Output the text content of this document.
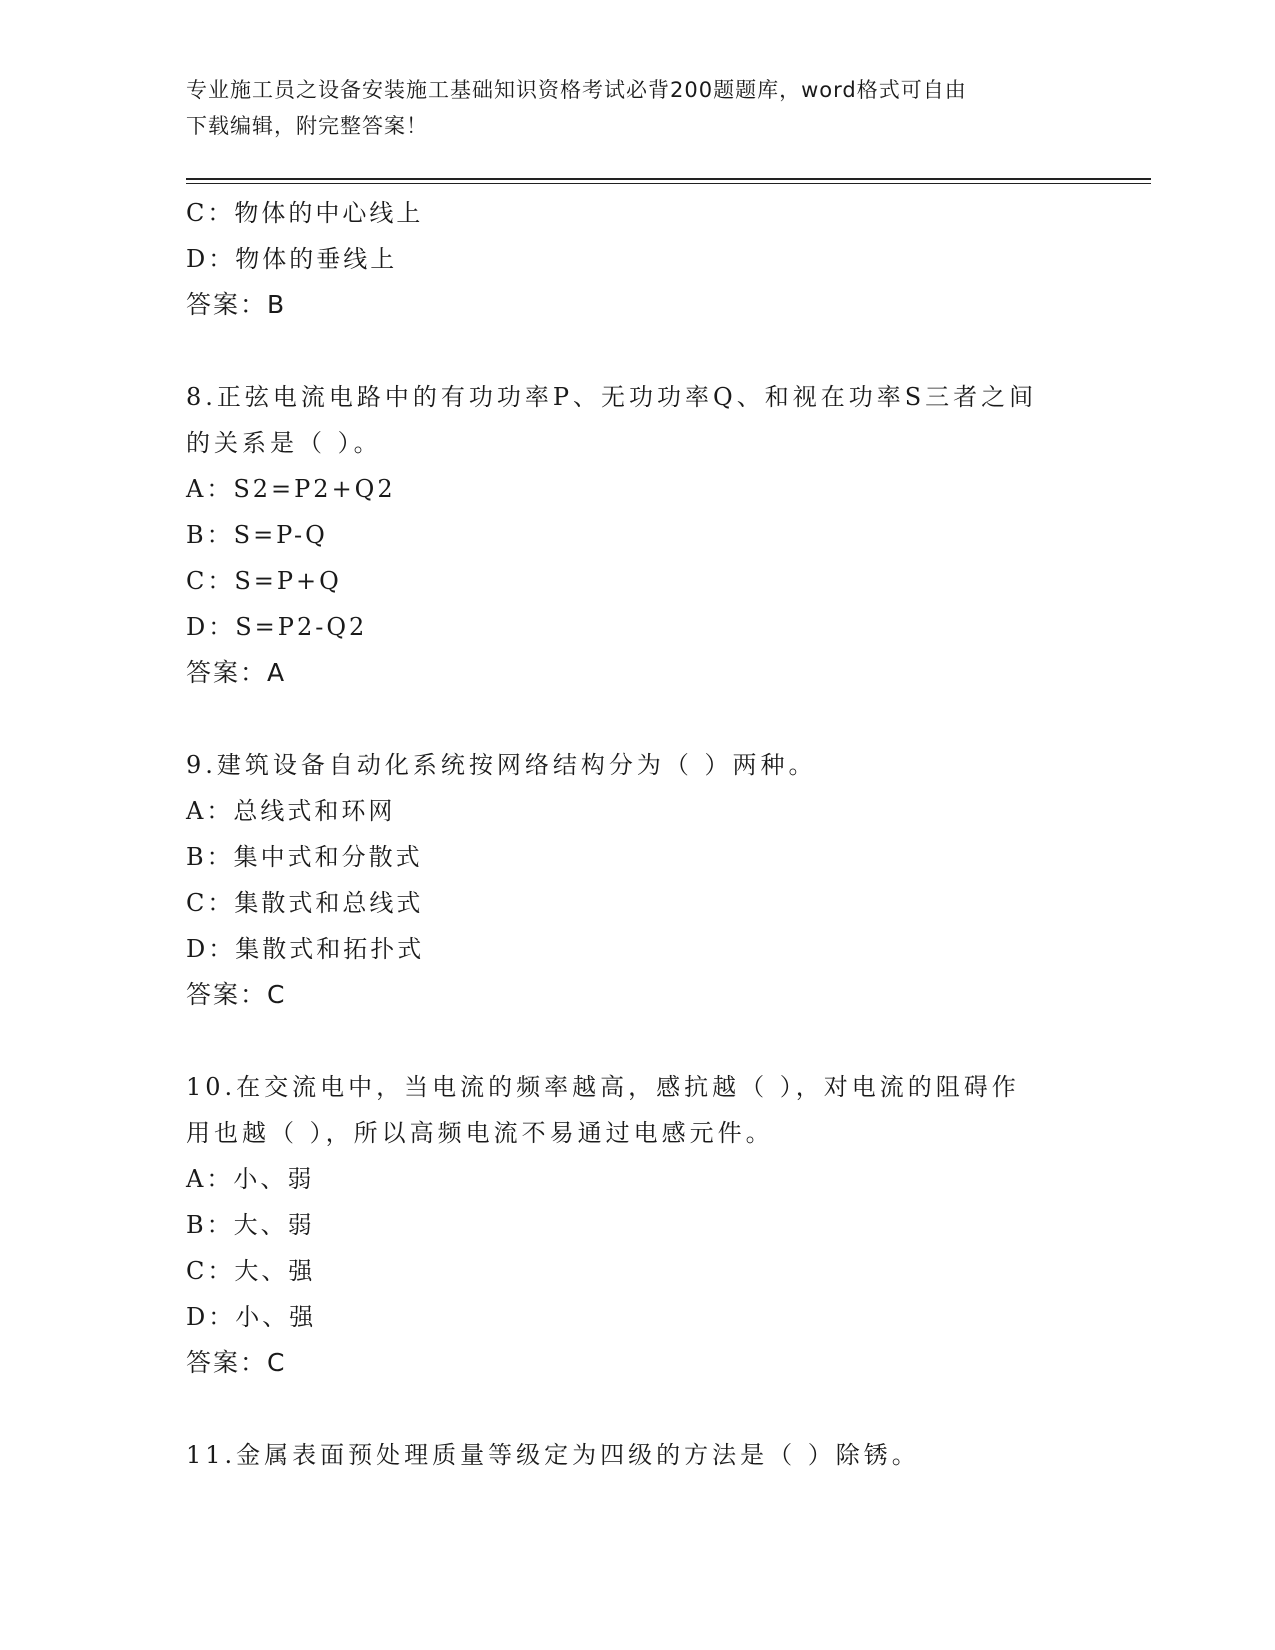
专业施工员之设备安装施工基础知识资格考试必背200题题库，word格式可自由
下载编辑，附完整答案！
C：物体的中心线上
D：物体的垂线上
答案：B
8.正弦电流电路中的有功功率P、无功功率Q、和视在功率S三者之间
的关系是（ ）。
A：S2=P2+Q2
B：S=P-Q
C：S=P+Q
D：S=P2-Q2
答案：A
9.建筑设备自动化系统按网络结构分为（ ）两种。
A：总线式和环网
B：集中式和分散式
C：集散式和总线式
D：集散式和拓扑式
答案：C
10.在交流电中，当电流的频率越高，感抗越（ ），对电流的阻碍作
用也越（ ），所以高频电流不易通过电感元件。
A：小、弱
B：大、弱
C：大、强
D：小、强
答案：C
11.金属表面预处理质量等级定为四级的方法是（ ）除锈。
